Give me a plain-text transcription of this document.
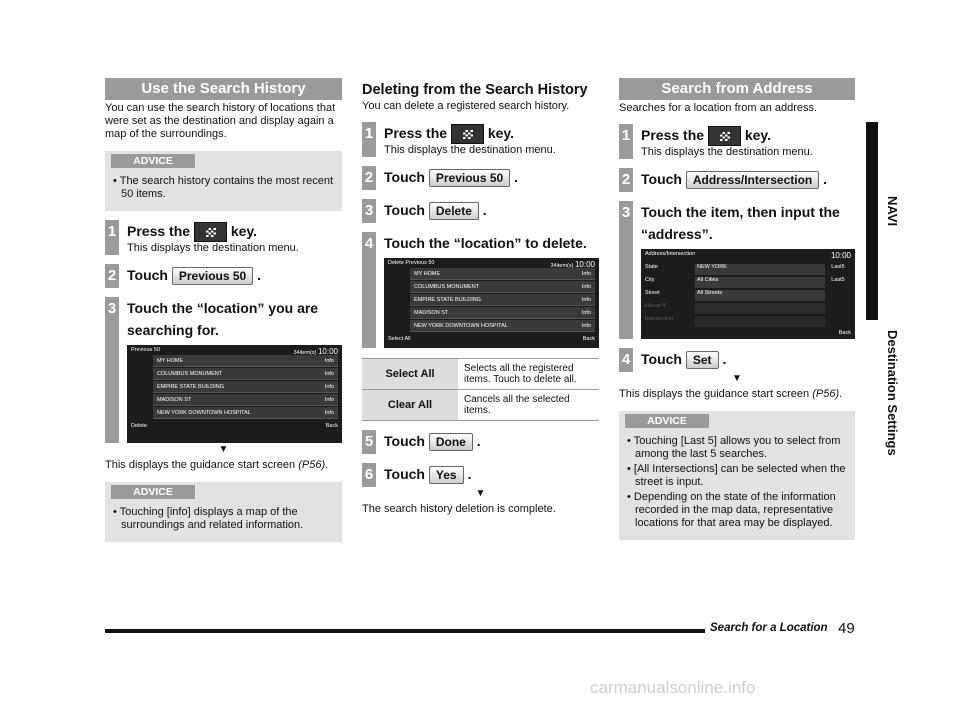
Use the Search History

You can use the search history of locations that were set as the destination and display again a map of the surroundings.

ADVICE
• The search history contains the most recent 50 items.
1 Press the	key.
This displays the destination menu.
2 Touch Previous 50 .
3 Touch the “location” you are searching for.
Previous 50	34item(s) 10:00
MY HOME	Info
COLUMBUS MONUMENT	Info
EMPIRE STATE BUILDING	Info
MADISON ST	Info
NEW YORK DOWNTOWN HOSPITAL	Info
Delete	Back
▼

This displays the guidance start screen (P56).

ADVICE
• Touching [info] displays a map of the surroundings and related information.
Deleting from the Search History

You can delete a registered search history.

1 Press the	key.
This displays the destination menu.
2 Touch Previous 50 .
3 Touch Delete .
4 Touch the “location” to delete.
Delete Previous 50	34item(s) 10:00
MY HOME	Info
COLUMBUS MONUMENT	Info
EMPIRE STATE BUILDING	Info
MADISON ST	Info
NEW YORK DOWNTOWN HOSPITAL	Info
Select All	Back
Select All	Selects all the registered items. Touch to delete all.
Clear All	Cancels all the selected items.
5 Touch Done .
6 Touch Yes .
▼

The search history deletion is complete.

Search from Address

Searches for a location from an address.

1 Press the	key.
This displays the destination menu.
2 Touch Address/Intersection .
3 Touch the item, then input the “address”.
Address/Intersection	10:00
State	NEW YORK	Last5
City	All Cities	Last5
Street	All Streets
House #
Intersection
Back
4 Touch Set .
▼

This displays the guidance start screen (P56).

ADVICE
• Touching [Last 5] allows you to select from among the last 5 searches.
• [All Intersections] can be selected when the street is input.
• Depending on the state of the information recorded in the map data, representative locations for that area may be displayed.
NAVI
Destination Settings
Search for a Location 49
carmanualsonline.info
